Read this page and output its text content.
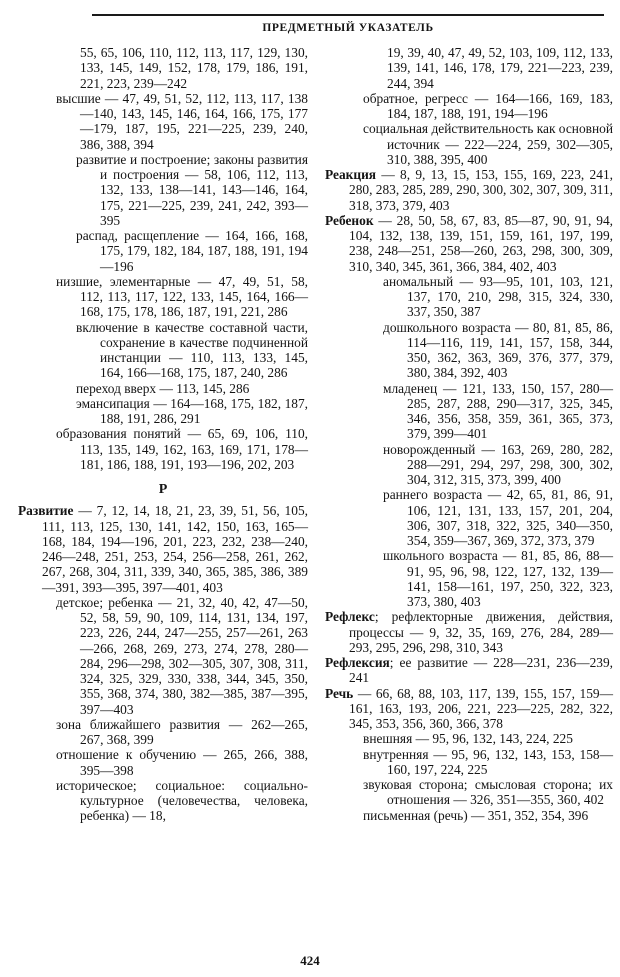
ПРЕДМЕТНЫЙ УКАЗАТЕЛЬ
55, 65, 106, 110, 112, 113, 117, 129, 130, 133, 145, 149, 152, 178, 179, 186, 191, 221, 223, 239—242
высшие — 47, 49, 51, 52, 112, 113, 117, 138—140, 143, 145, 146, 164, 166, 175, 177—179, 187, 195, 221—225, 239, 240, 386, 388, 394
развитие и построение; законы развития и построения — 58, 106, 112, 113, 132, 133, 138—141, 143—146, 164, 175, 221—225, 239, 241, 242, 393—395
распад, расщепление — 164, 166, 168, 175, 179, 182, 184, 187, 188, 191, 194—196
низшие, элементарные — 47, 49, 51, 58, 112, 113, 117, 122, 133, 145, 164, 166—168, 175, 178, 186, 187, 191, 221, 286
включение в качестве составной части, сохранение в качестве подчиненной инстанции — 110, 113, 133, 145, 164, 166—168, 175, 187, 240, 286
переход вверх — 113, 145, 286
эмансипация — 164—168, 175, 182, 187, 188, 191, 286, 291
образования понятий — 65, 69, 106, 110, 113, 135, 149, 162, 163, 169, 171, 178—181, 186, 188, 191, 193—196, 202, 203
Р
Развитие — 7, 12, 14, 18, 21, 23, 39, 51, 56, 105, 111, 113, 125, 130, 141, 142, 150, 163, 165—168, 184, 194—196, 201, 223, 232, 238—240, 246—248, 251, 253, 254, 256—258, 261, 262, 267, 268, 304, 311, 339, 340, 365, 385, 386, 389—391, 393—395, 397—401, 403
детское; ребенка — 21, 32, 40, 42, 47—50, 52, 58, 59, 90, 109, 114, 131, 134, 197, 223, 226, 244, 247—255, 257—261, 263—266, 268, 269, 273, 274, 278, 280—284, 296—298, 302—305, 307, 308, 311, 324, 325, 329, 330, 338, 344, 345, 350, 355, 368, 374, 380, 382—385, 387—395, 397—403
зона ближайшего развития — 262—265, 267, 368, 399
отношение к обучению — 265, 266, 388, 395—398
историческое; социальное: социально-культурное (человечества, человека, ребенка) — 18,
19, 39, 40, 47, 49, 52, 103, 109, 112, 133, 139, 141, 146, 178, 179, 221—223, 239, 244, 394
обратное, регресс — 164—166, 169, 183, 184, 187, 188, 191, 194—196
социальная действительность как основной источник — 222—224, 259, 302—305, 310, 388, 395, 400
Реакция — 8, 9, 13, 15, 153, 155, 169, 223, 241, 280, 283, 285, 289, 290, 300, 302, 307, 309, 311, 318, 373, 379, 403
Ребенок — 28, 50, 58, 67, 83, 85—87, 90, 91, 94, 104, 132, 138, 139, 151, 159, 161, 197, 199, 238, 248—251, 258—260, 263, 298, 300, 309, 310, 340, 345, 361, 366, 384, 402, 403
аномальный — 93—95, 101, 103, 121, 137, 170, 210, 298, 315, 324, 330, 337, 350, 387
дошкольного возраста — 80, 81, 85, 86, 114—116, 119, 141, 157, 158, 344, 350, 362, 363, 369, 376, 377, 379, 380, 384, 392, 403
младенец — 121, 133, 150, 157, 280—285, 287, 288, 290—317, 325, 345, 346, 356, 358, 359, 361, 365, 373, 379, 399—401
новорожденный — 163, 269, 280, 282, 288—291, 294, 297, 298, 300, 302, 304, 312, 315, 373, 399, 400
раннего возраста — 42, 65, 81, 86, 91, 106, 121, 131, 133, 157, 201, 204, 306, 307, 318, 322, 325, 340—350, 354, 359—367, 369, 372, 373, 379
школьного возраста — 81, 85, 86, 88—91, 95, 96, 98, 122, 127, 132, 139—141, 158—161, 197, 250, 322, 323, 373, 380, 403
Рефлекс; рефлекторные движения, действия, процессы — 9, 32, 35, 169, 276, 284, 289—293, 295, 296, 298, 310, 343
Рефлексия; ее развитие — 228—231, 236—239, 241
Речь — 66, 68, 88, 103, 117, 139, 155, 157, 159—161, 163, 193, 206, 221, 223—225, 282, 322, 345, 353, 356, 360, 366, 378
внешняя — 95, 96, 132, 143, 224, 225
внутренняя — 95, 96, 132, 143, 153, 158—160, 197, 224, 225
звуковая сторона; смысловая сторона; их отношения — 326, 351—355, 360, 402
письменная (речь) — 351, 352, 354, 396
424
